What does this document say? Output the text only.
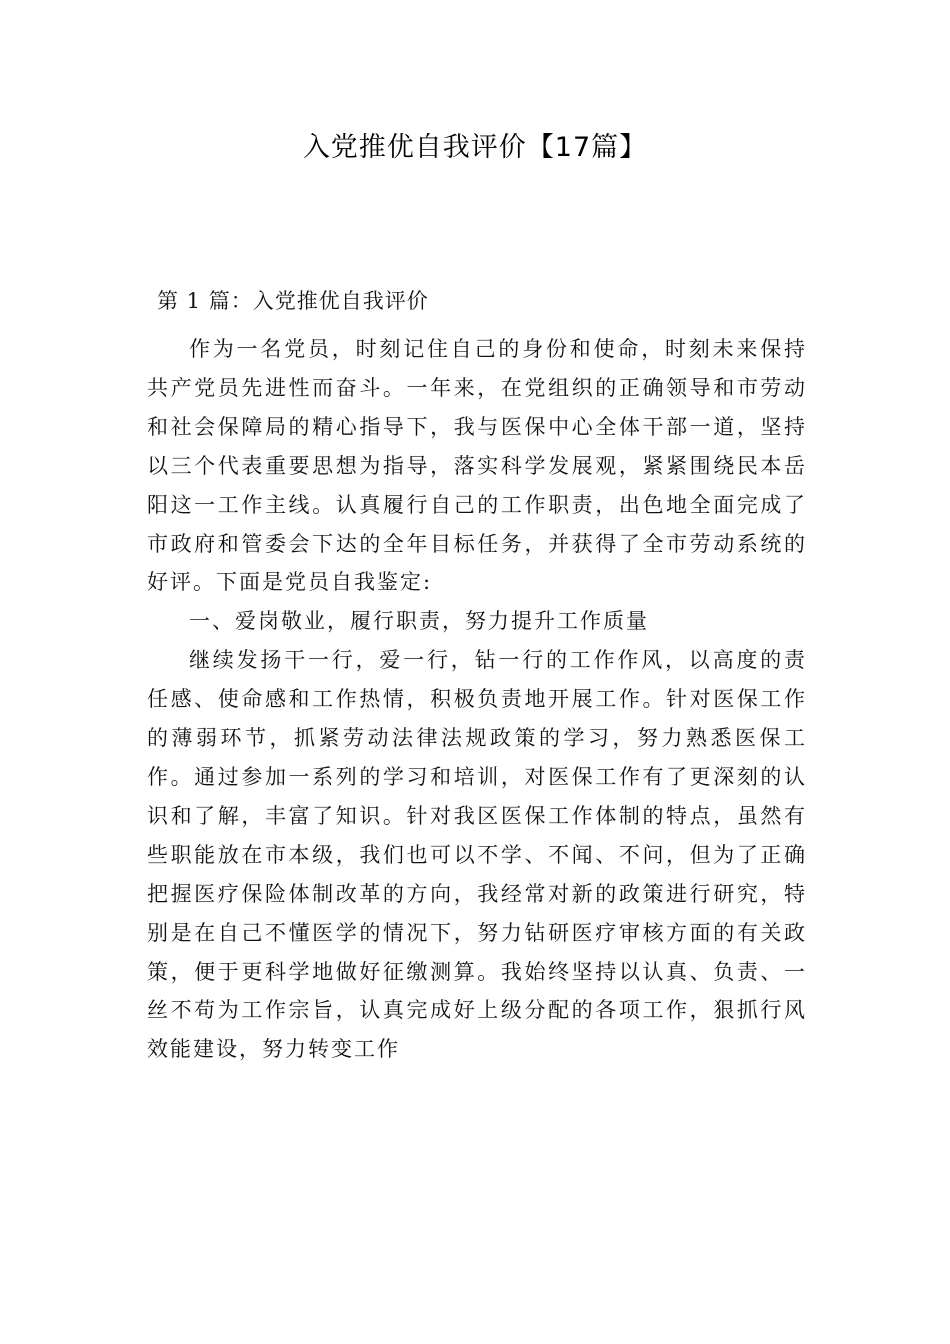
入党推优自我评价【17篇】
第 1 篇：入党推优自我评价

作为一名党员，时刻记住自己的身份和使命，时刻未来保持共产党员先进性而奋斗。一年来，在党组织的正确领导和市劳动和社会保障局的精心指导下，我与医保中心全体干部一道，坚持以三个代表重要思想为指导，落实科学发展观，紧紧围绕民本岳阳这一工作主线。认真履行自己的工作职责，出色地全面完成了市政府和管委会下达的全年目标任务，并获得了全市劳动系统的好评。下面是党员自我鉴定:

一、爱岗敬业，履行职责，努力提升工作质量

继续发扬干一行，爱一行，钻一行的工作作风，以高度的责任感、使命感和工作热情，积极负责地开展工作。针对医保工作的薄弱环节，抓紧劳动法律法规政策的学习，努力熟悉医保工作。通过参加一系列的学习和培训，对医保工作有了更深刻的认识和了解，丰富了知识。针对我区医保工作体制的特点，虽然有些职能放在市本级，我们也可以不学、不闻、不问，但为了正确把握医疗保险体制改革的方向，我经常对新的政策进行研究，特别是在自己不懂医学的情况下，努力钻研医疗审核方面的有关政策，便于更科学地做好征缴测算。我始终坚持以认真、负责、一丝不苟为工作宗旨，认真完成好上级分配的各项工作，狠抓行风效能建设，努力转变工作
